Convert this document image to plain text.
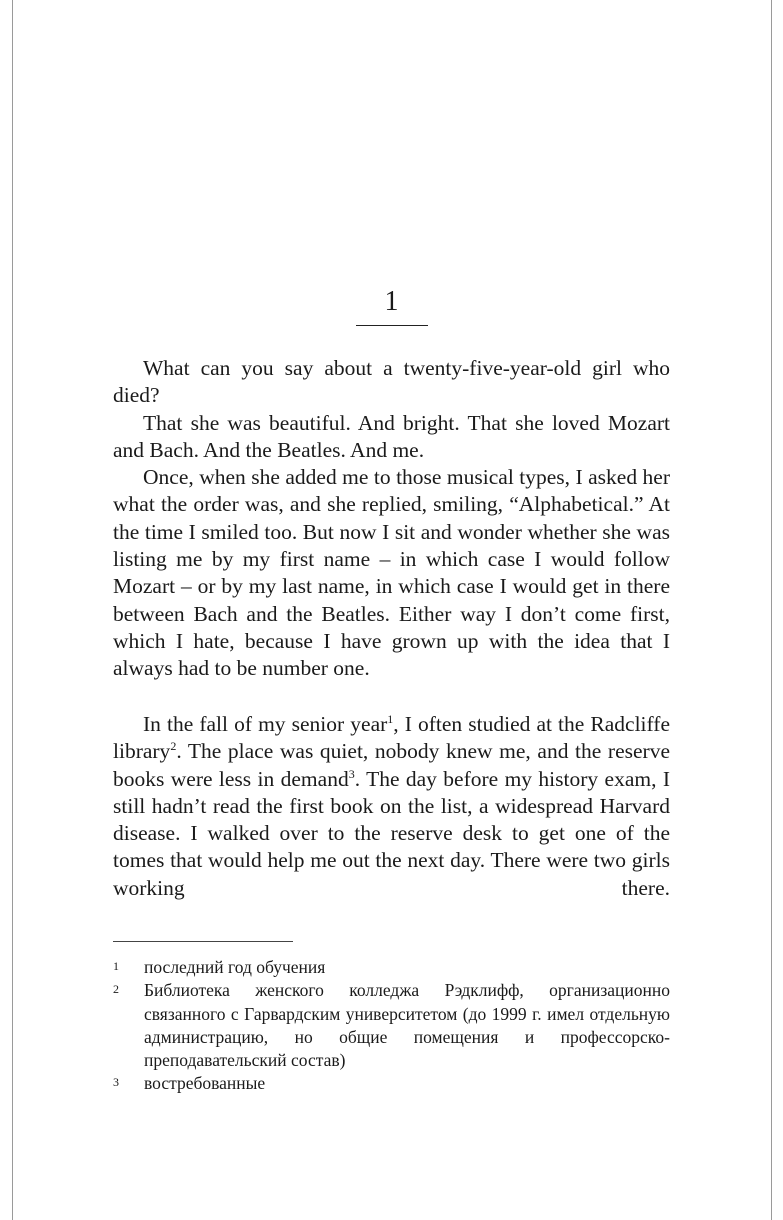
1

What can you say about a twenty-five-year-old girl who died?

That she was beautiful. And bright. That she loved Mozart and Bach. And the Beatles. And me.

Once, when she added me to those musical types, I asked her what the order was, and she replied, smiling, “Alphabetical.” At the time I smiled too. But now I sit and wonder whether she was listing me by my first name – in which case I would follow Mozart – or by my last name, in which case I would get in there between Bach and the Beatles. Either way I don’t come first, which I hate, because I have grown up with the idea that I always had to be number one.

In the fall of my senior year$^1$, I often studied at the Radcliffe library$^2$. The place was quiet, nobody knew me, and the reserve books were less in demand$^3$. The day before my history exam, I still hadn’t read the first book on the list, a widespread Harvard disease. I walked over to the reserve desk to get one of the tomes that would help me out the next day. There were two girls working there.

1	последний год обучения
2	Библиотека женского колледжа Рэдклифф, организационно связанного с Гарвардским университетом (до 1999 г. имел отдельную администрацию, но общие помещения и профессорско-преподавательский состав)
3	востребованные
